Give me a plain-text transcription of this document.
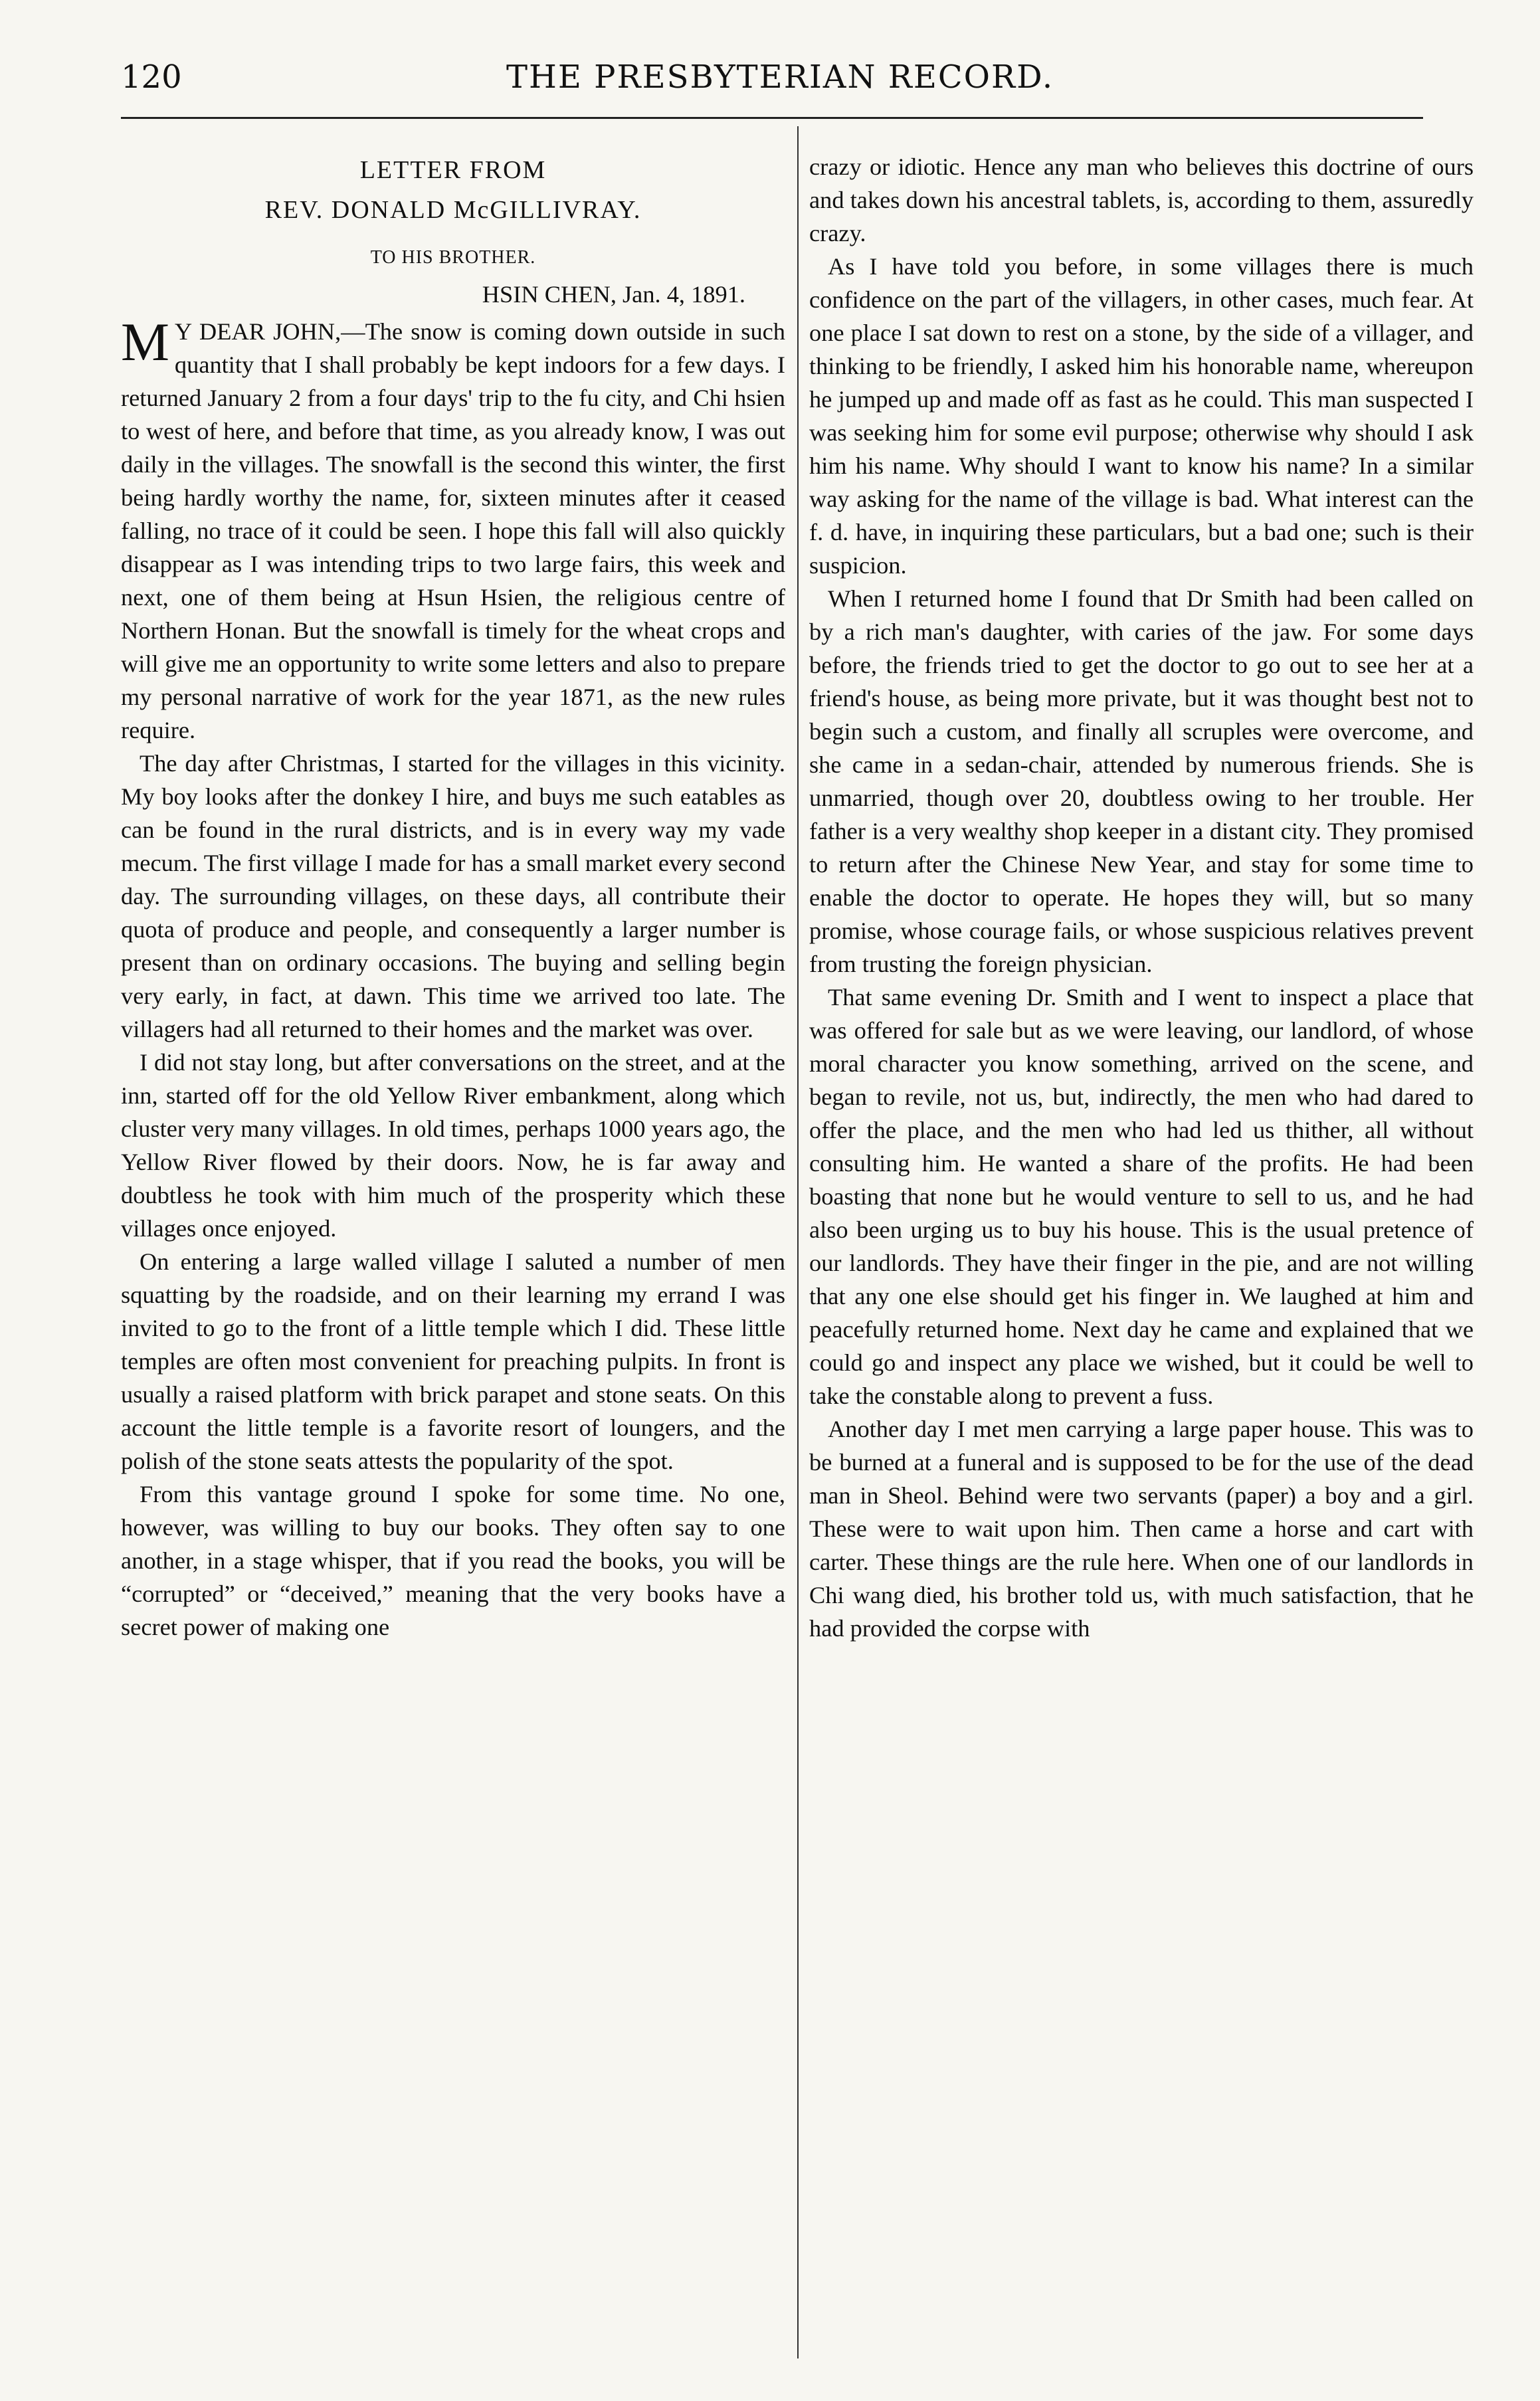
120	THE PRESBYTERIAN RECORD.
LETTER FROM
REV. DONALD McGILLIVRAY.
TO HIS BROTHER.
HSIN CHEN, Jan. 4, 1891.

M Y DEAR JOHN,—The snow is coming down outside in such quantity that I shall probably be kept indoors for a few days. I returned January 2 from a four days' trip to the fu city, and Chi hsien to west of here, and before that time, as you already know, I was out daily in the villages. The snowfall is the second this winter, the first being hardly worthy the name, for, sixteen minutes after it ceased falling, no trace of it could be seen. I hope this fall will also quickly disappear as I was intending trips to two large fairs, this week and next, one of them being at Hsun Hsien, the religious centre of Northern Honan. But the snowfall is timely for the wheat crops and will give me an opportunity to write some letters and also to prepare my personal narrative of work for the year 1871, as the new rules require.

The day after Christmas, I started for the villages in this vicinity. My boy looks after the donkey I hire, and buys me such eatables as can be found in the rural districts, and is in every way my vade mecum. The first village I made for has a small market every second day. The surrounding villages, on these days, all contribute their quota of produce and people, and consequently a larger number is present than on ordinary occasions. The buying and selling begin very early, in fact, at dawn. This time we arrived too late. The villagers had all returned to their homes and the market was over.

I did not stay long, but after conversations on the street, and at the inn, started off for the old Yellow River embankment, along which cluster very many villages. In old times, perhaps 1000 years ago, the Yellow River flowed by their doors. Now, he is far away and doubtless he took with him much of the prosperity which these villages once enjoyed.

On entering a large walled village I saluted a number of men squatting by the roadside, and on their learning my errand I was invited to go to the front of a little temple which I did. These little temples are often most convenient for preaching pulpits. In front is usually a raised platform with brick parapet and stone seats. On this account the little temple is a favorite resort of loungers, and the polish of the stone seats attests the popularity of the spot.

From this vantage ground I spoke for some time. No one, however, was willing to buy our books. They often say to one another, in a stage whisper, that if you read the books, you will be “corrupted” or “deceived,” meaning that the very books have a secret power of making one

crazy or idiotic. Hence any man who believes this doctrine of ours and takes down his ancestral tablets, is, according to them, assuredly crazy.

As I have told you before, in some villages there is much confidence on the part of the villagers, in other cases, much fear. At one place I sat down to rest on a stone, by the side of a villager, and thinking to be friendly, I asked him his honorable name, whereupon he jumped up and made off as fast as he could. This man suspected I was seeking him for some evil purpose; otherwise why should I ask him his name. Why should I want to know his name? In a similar way asking for the name of the village is bad. What interest can the f. d. have, in inquiring these particulars, but a bad one; such is their suspicion.

When I returned home I found that Dr Smith had been called on by a rich man's daughter, with caries of the jaw. For some days before, the friends tried to get the doctor to go out to see her at a friend's house, as being more private, but it was thought best not to begin such a custom, and finally all scruples were overcome, and she came in a sedan-chair, attended by numerous friends. She is unmarried, though over 20, doubtless owing to her trouble. Her father is a very wealthy shop keeper in a distant city. They promised to return after the Chinese New Year, and stay for some time to enable the doctor to operate. He hopes they will, but so many promise, whose courage fails, or whose suspicious relatives prevent from trusting the foreign physician.

That same evening Dr. Smith and I went to inspect a place that was offered for sale but as we were leaving, our landlord, of whose moral character you know something, arrived on the scene, and began to revile, not us, but, indirectly, the men who had dared to offer the place, and the men who had led us thither, all without consulting him. He wanted a share of the profits. He had been boasting that none but he would venture to sell to us, and he had also been urging us to buy his house. This is the usual pretence of our landlords. They have their finger in the pie, and are not willing that any one else should get his finger in. We laughed at him and peacefully returned home. Next day he came and explained that we could go and inspect any place we wished, but it could be well to take the constable along to prevent a fuss.

Another day I met men carrying a large paper house. This was to be burned at a funeral and is supposed to be for the use of the dead man in Sheol. Behind were two servants (paper) a boy and a girl. These were to wait upon him. Then came a horse and cart with carter. These things are the rule here. When one of our landlords in Chi wang died, his brother told us, with much satisfaction, that he had provided the corpse with
